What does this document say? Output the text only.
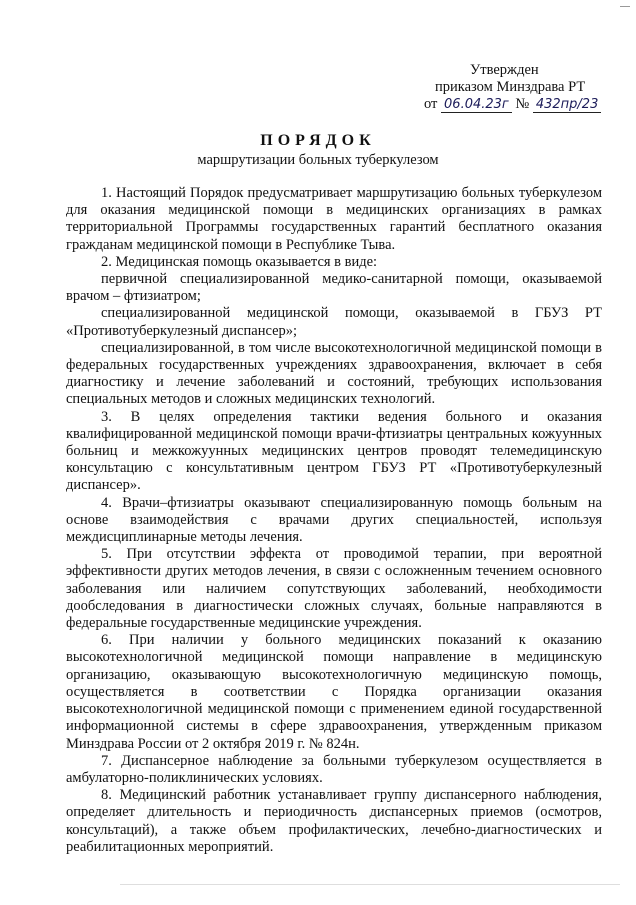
Утвержден
приказом Минздрава РТ
от 06.04.23г № 432пр/23
ПОРЯДОК
маршрутизации больных туберкулезом

1. Настоящий Порядок предусматривает маршрутизацию больных туберкулезом для оказания медицинской помощи в медицинских организациях в рамках территориальной Программы государственных гарантий бесплатного оказания гражданам медицинской помощи в Республике Тыва.

2. Медицинская помощь оказывается в виде:

первичной специализированной медико-санитарной помощи, оказываемой врачом – фтизиатром;

специализированной медицинской помощи, оказываемой в ГБУЗ РТ «Противотуберкулезный диспансер»;

специализированной, в том числе высокотехнологичной медицинской помощи в федеральных государственных учреждениях здравоохранения, включает в себя диагностику и лечение заболеваний и состояний, требующих использования специальных методов и сложных медицинских технологий.

3. В целях определения тактики ведения больного и оказания квалифицированной медицинской помощи врачи-фтизиатры центральных кожуунных больниц и межкожуунных медицинских центров проводят телемедицинскую консультацию с консультативным центром ГБУЗ РТ «Противотуберкулезный диспансер».

4. Врачи–фтизиатры оказывают специализированную помощь больным на основе взаимодействия с врачами других специальностей, используя междисциплинарные методы лечения.

5. При отсутствии эффекта от проводимой терапии, при вероятной эффективности других методов лечения, в связи с осложненным течением основного заболевания или наличием сопутствующих заболеваний, необходимости дообследования в диагностически сложных случаях, больные направляются в федеральные государственные медицинские учреждения.

6. При наличии у больного медицинских показаний к оказанию высокотехнологичной медицинской помощи направление в медицинскую организацию, оказывающую высокотехнологичную медицинскую помощь, осуществляется в соответствии с Порядка организации оказания высокотехнологичной медицинской помощи с применением единой государственной информационной системы в сфере здравоохранения, утвержденным приказом Минздрава России от 2 октября 2019 г. № 824н.

7. Диспансерное наблюдение за больными туберкулезом осуществляется в амбулаторно-поликлинических условиях.

8. Медицинский работник устанавливает группу диспансерного наблюдения, определяет длительность и периодичность диспансерных приемов (осмотров, консультаций), а также объем профилактических, лечебно-диагностических и реабилитационных мероприятий.
